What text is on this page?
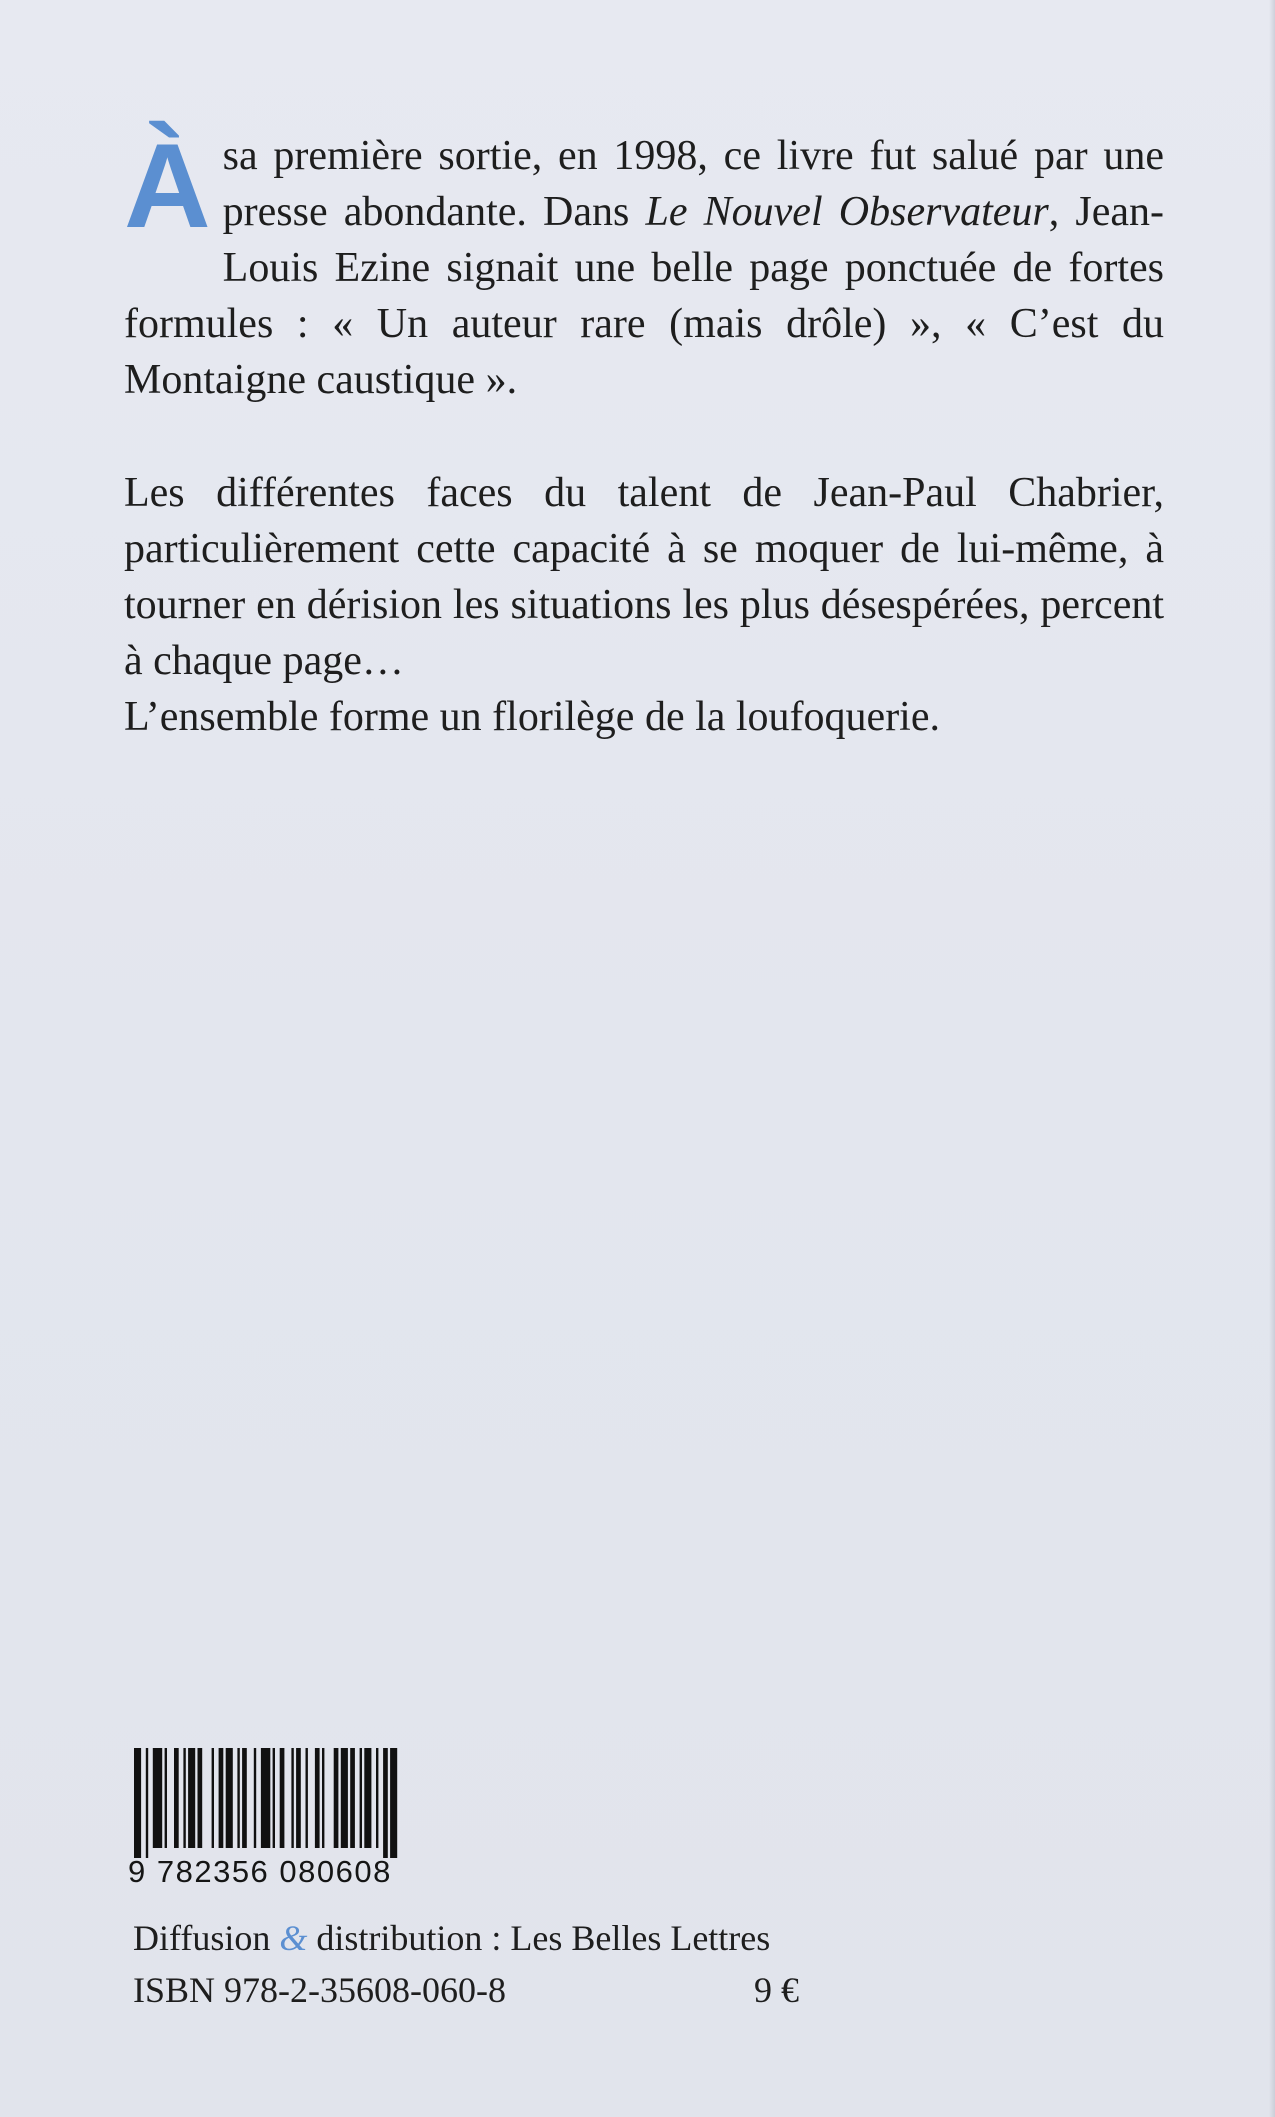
Àsa première sortie, en 1998, ce livre fut salué par une presse abondante. Dans Le Nouvel Observateur, Jean-Louis Ezine signait une belle page ponctuée de fortes formules : « Un auteur rare (mais drôle) », « C’est du Montaigne caustique ».

Les différentes faces du talent de Jean-Paul Chabrier, particulièrement cette capacité à se moquer de lui-même, à tourner en dérision les situations les plus désespérées, percent à chaque page…

L’ensemble forme un florilège de la loufoquerie.

9 782356 080608
Diffusion & distribution : Les Belles Lettres
ISBN 978-2-35608-060-8	9 €
